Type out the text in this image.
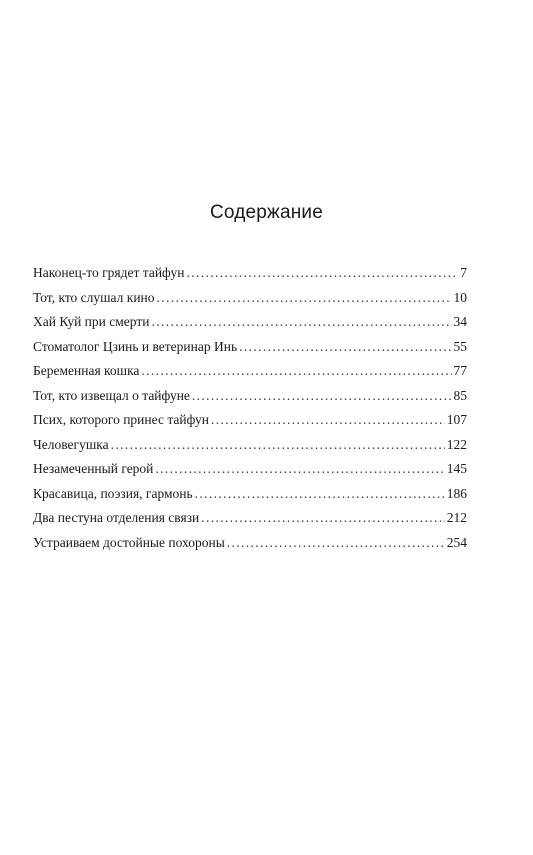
Содержание
Наконец-то грядет тайфун . . .	7
Тот, кто слушал кино . . .	10
Хай Куй при смерти . . .	34
Стоматолог Цзинь и ветеринар Инь . . .	55
Беременная кошка . . .	77
Тот, кто извещал о тайфуне . . .	85
Псих, которого принес тайфун . . .	107
Человегушка . . .	122
Незамеченный герой . . .	145
Красавица, поэзия, гармонь . . .	186
Два пестуна отделения связи . . .	212
Устраиваем достойные похороны . . .	254
